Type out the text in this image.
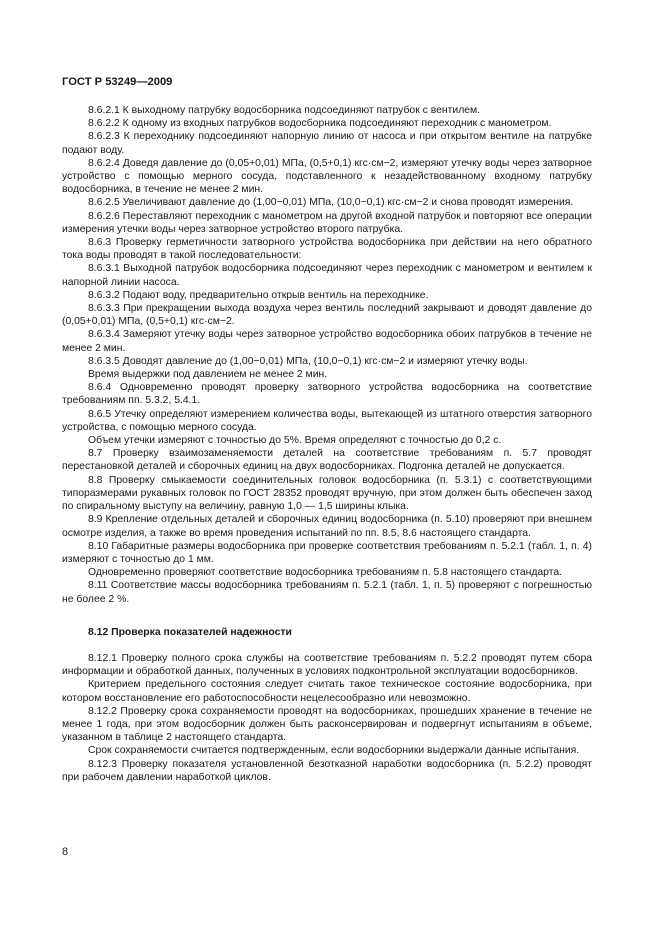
ГОСТ Р 53249—2009

8.6.2.1 К выходному патрубку водосборника подсоединяют патрубок с вентилем.

8.6.2.2 К одному из входных патрубков водосборника подсоединяют переходник с манометром.

8.6.2.3 К переходнику подсоединяют напорную линию от насоса и при открытом вентиле на патрубке подают воду.

8.6.2.4 Доведя давление до (0,05+0,01) МПа, (0,5+0,1) кгс·см−2, измеряют утечку воды через затворное устройство с помощью мерного сосуда, подставленного к незадействованному входному патрубку водосборника, в течение не менее 2 мин.

8.6.2.5 Увеличивают давление до (1,00−0,01) МПа, (10,0−0,1) кгс·см−2 и снова проводят измерения.

8.6.2.6 Переставляют переходник с манометром на другой входной патрубок и повторяют все операции измерения утечки воды через затворное устройство второго патрубка.

8.6.3 Проверку герметичности затворного устройства водосборника при действии на него обратного тока воды проводят в такой последовательности:

8.6.3.1 Выходной патрубок водосборника подсоединяют через переходник с манометром и вентилем к напорной линии насоса.

8.6.3.2 Подают воду, предварительно открыв вентиль на переходнике.

8.6.3.3 При прекращении выхода воздуха через вентиль последний закрывают и доводят давление до (0,05+0,01) МПа, (0,5+0,1) кгс·см−2.

8.6.3.4 Замеряют утечку воды через затворное устройство водосборника обоих патрубков в течение не менее 2 мин.

8.6.3.5 Доводят давление до (1,00−0,01) МПа, (10,0−0,1) кгс·см−2 и измеряют утечку воды.

Время выдержки под давлением не менее 2 мин.

8.6.4 Одновременно проводят проверку затворного устройства водосборника на соответствие требованиям пп. 5.3.2, 5.4.1.

8.6.5 Утечку определяют измерением количества воды, вытекающей из штатного отверстия затворного устройства, с помощью мерного сосуда.

Объем утечки измеряют с точностью до 5%. Время определяют с точностью до 0,2 с.

8.7 Проверку взаимозаменяемости деталей на соответствие требованиям п. 5.7 проводят перестановкой деталей и сборочных единиц на двух водосборниках. Подгонка деталей не допускается.

8.8 Проверку смыкаемости соединительных головок водосборника (п. 5.3.1) с соответствующими типоразмерами рукавных головок по ГОСТ 28352 проводят вручную, при этом должен быть обеспечен заход по спиральному выступу на величину, равную 1,0 — 1,5 ширины клыка.

8.9 Крепление отдельных деталей и сборочных единиц водосборника (п. 5.10) проверяют при внешнем осмотре изделия, а также во время проведения испытаний по пп. 8.5, 8.6 настоящего стандарта.

8.10 Габаритные размеры водосборника при проверке соответствия требованиям п. 5.2.1 (табл. 1, п. 4) измеряют с точностью до 1 мм.

Одновременно проверяют соответствие водосборника требованиям п. 5.8 настоящего стандарта.

8.11 Соответствие массы водосборника требованиям п. 5.2.1 (табл. 1, п. 5) проверяют с погрешностью не более 2 %.

8.12 Проверка показателей надежности

8.12.1 Проверку полного срока службы на соответствие требованиям п. 5.2.2 проводят путем сбора информации и обработкой данных, полученных в условиях подконтрольной эксплуатации водосборников.

Критерием предельного состояния следует считать такое техническое состояние водосборника, при котором восстановление его работоспособности нецелесообразно или невозможно.

8.12.2 Проверку срока сохраняемости проводят на водосборниках, прошедших хранение в течение не менее 1 года, при этом водосборник должен быть расконсервирован и подвергнут испытаниям в объеме, указанном в таблице 2 настоящего стандарта.

Срок сохраняемости считается подтвержденным, если водосборники выдержали данные испытания.

8.12.3 Проверку показателя установленной безотказной наработки водосборника (п. 5.2.2) проводят при рабочем давлении наработкой циклов.

8
